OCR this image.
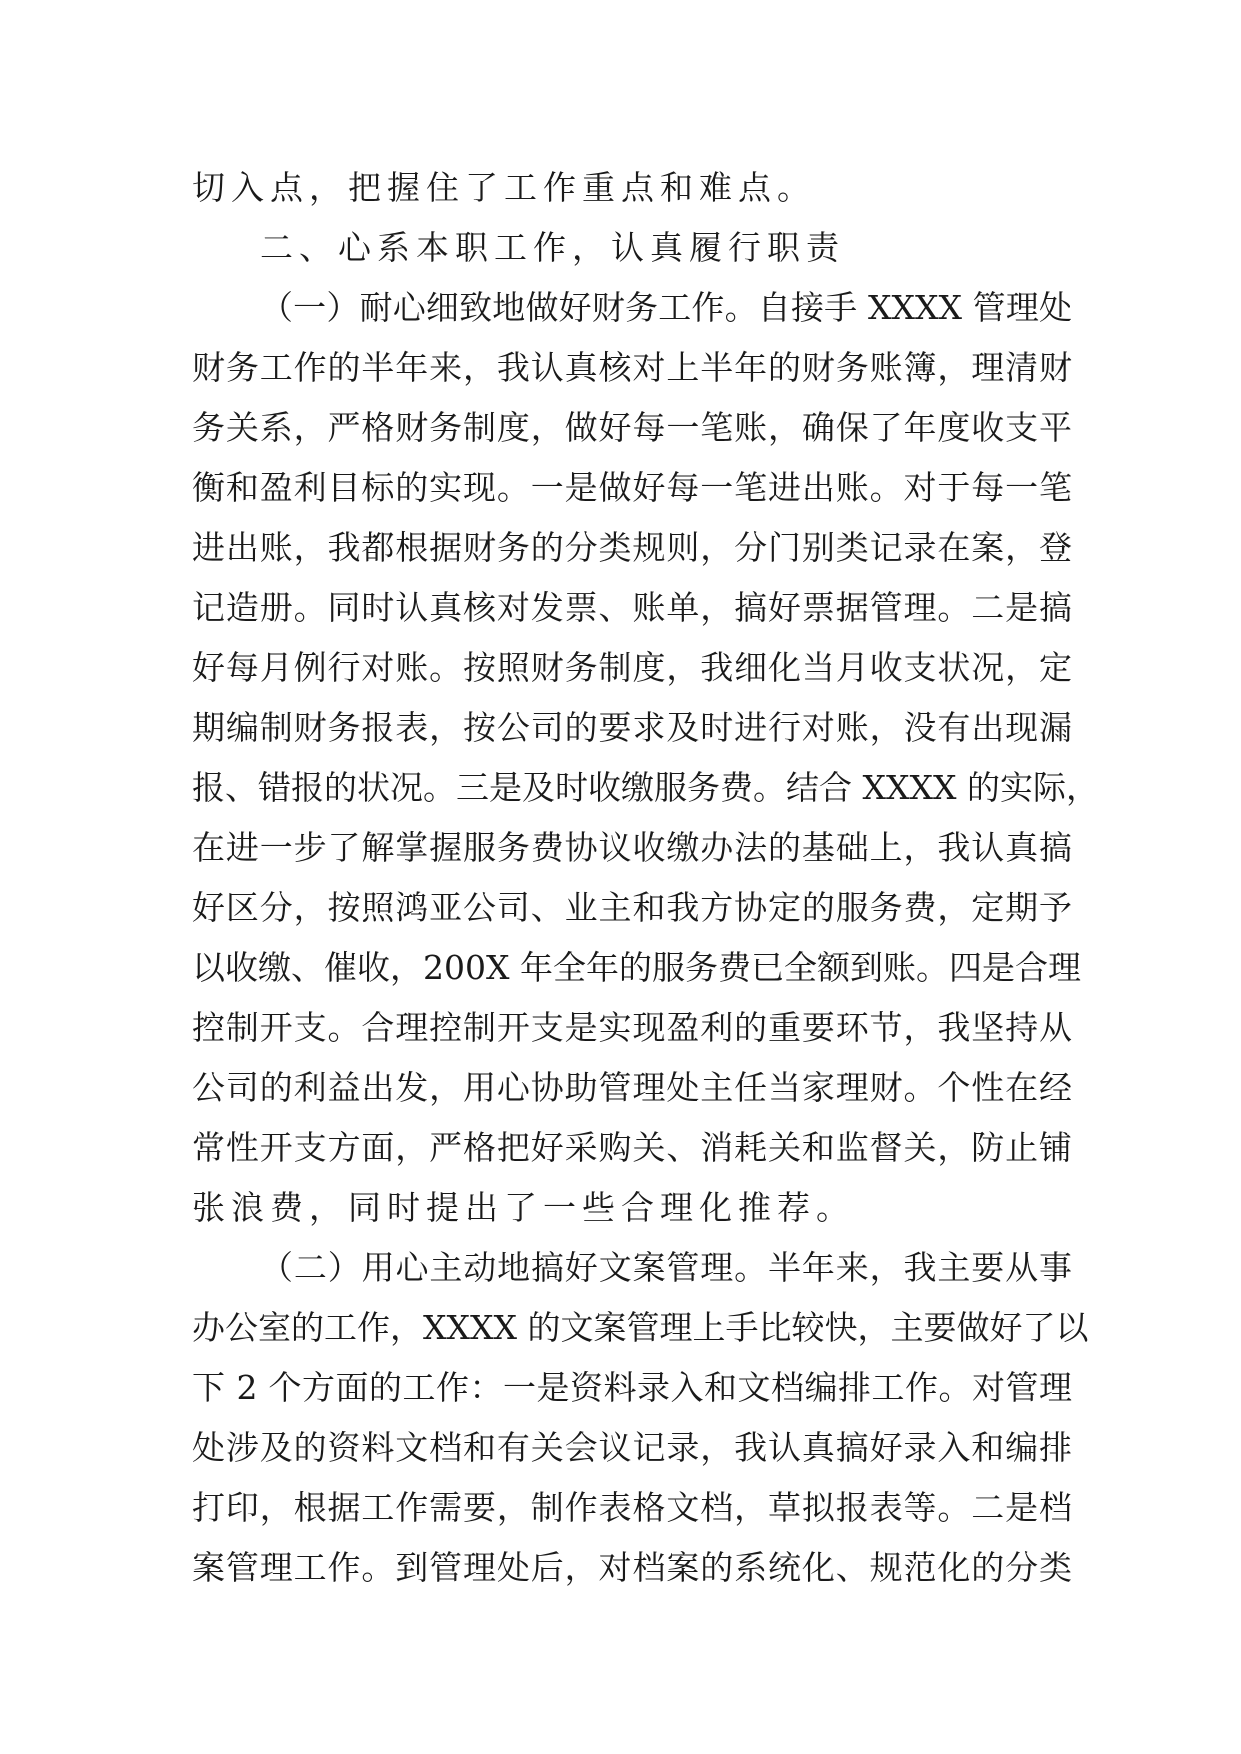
切入点，把握住了工作重点和难点。
二、心系本职工作，认真履行职责
（一）耐心细致地做好财务工作。自接手 XXXX 管理处
财务工作的半年来，我认真核对上半年的财务账簿，理清财
务关系，严格财务制度，做好每一笔账，确保了年度收支平
衡和盈利目标的实现。一是做好每一笔进出账。对于每一笔
进出账，我都根据财务的分类规则，分门别类记录在案，登
记造册。同时认真核对发票、账单，搞好票据管理。二是搞
好每月例行对账。按照财务制度，我细化当月收支状况，定
期编制财务报表，按公司的要求及时进行对账，没有出现漏
报、错报的状况。三是及时收缴服务费。结合 XXXX 的实际，
在进一步了解掌握服务费协议收缴办法的基础上，我认真搞
好区分，按照鸿亚公司、业主和我方协定的服务费，定期予
以收缴、催收，200X 年全年的服务费已全额到账。四是合理
控制开支。合理控制开支是实现盈利的重要环节，我坚持从
公司的利益出发，用心协助管理处主任当家理财。个性在经
常性开支方面，严格把好采购关、消耗关和监督关，防止铺
张浪费，同时提出了一些合理化推荐。
（二）用心主动地搞好文案管理。半年来，我主要从事
办公室的工作，XXXX 的文案管理上手比较快，主要做好了以
下 2 个方面的工作：一是资料录入和文档编排工作。对管理
处涉及的资料文档和有关会议记录，我认真搞好录入和编排
打印，根据工作需要，制作表格文档，草拟报表等。二是档
案管理工作。到管理处后，对档案的系统化、规范化的分类
